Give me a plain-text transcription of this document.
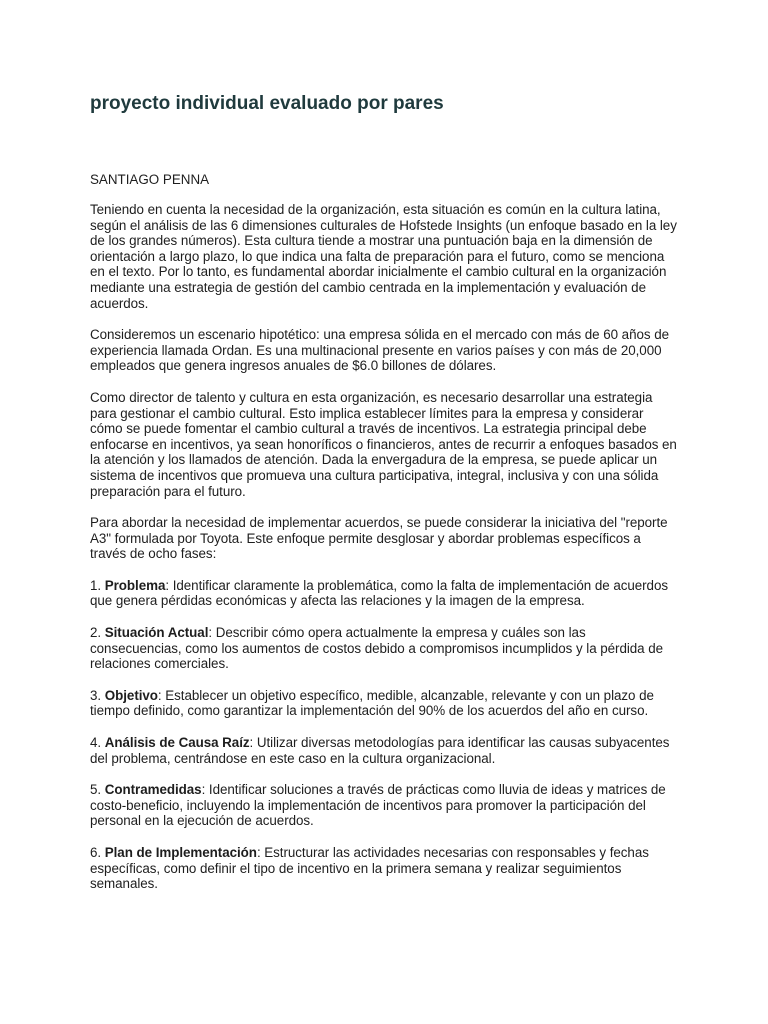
proyecto individual evaluado por pares
SANTIAGO PENNA

Teniendo en cuenta la necesidad de la organización, esta situación es común en la cultura latina, según el análisis de las 6 dimensiones culturales de Hofstede Insights (un enfoque basado en la ley de los grandes números). Esta cultura tiende a mostrar una puntuación baja en la dimensión de orientación a largo plazo, lo que indica una falta de preparación para el futuro, como se menciona en el texto. Por lo tanto, es fundamental abordar inicialmente el cambio cultural en la organización mediante una estrategia de gestión del cambio centrada en la implementación y evaluación de acuerdos.

Consideremos un escenario hipotético: una empresa sólida en el mercado con más de 60 años de experiencia llamada Ordan. Es una multinacional presente en varios países y con más de 20,000 empleados que genera ingresos anuales de $6.0 billones de dólares.

Como director de talento y cultura en esta organización, es necesario desarrollar una estrategia para gestionar el cambio cultural. Esto implica establecer límites para la empresa y considerar cómo se puede fomentar el cambio cultural a través de incentivos. La estrategia principal debe enfocarse en incentivos, ya sean honoríficos o financieros, antes de recurrir a enfoques basados en la atención y los llamados de atención. Dada la envergadura de la empresa, se puede aplicar un sistema de incentivos que promueva una cultura participativa, integral, inclusiva y con una sólida preparación para el futuro.

Para abordar la necesidad de implementar acuerdos, se puede considerar la iniciativa del "reporte A3" formulada por Toyota. Este enfoque permite desglosar y abordar problemas específicos a través de ocho fases:

1. Problema: Identificar claramente la problemática, como la falta de implementación de acuerdos que genera pérdidas económicas y afecta las relaciones y la imagen de la empresa.

2. Situación Actual: Describir cómo opera actualmente la empresa y cuáles son las consecuencias, como los aumentos de costos debido a compromisos incumplidos y la pérdida de relaciones comerciales.

3. Objetivo: Establecer un objetivo específico, medible, alcanzable, relevante y con un plazo de tiempo definido, como garantizar la implementación del 90% de los acuerdos del año en curso.

4. Análisis de Causa Raíz: Utilizar diversas metodologías para identificar las causas subyacentes del problema, centrándose en este caso en la cultura organizacional.

5. Contramedidas: Identificar soluciones a través de prácticas como lluvia de ideas y matrices de costo-beneficio, incluyendo la implementación de incentivos para promover la participación del personal en la ejecución de acuerdos.

6. Plan de Implementación: Estructurar las actividades necesarias con responsables y fechas específicas, como definir el tipo de incentivo en la primera semana y realizar seguimientos semanales.
